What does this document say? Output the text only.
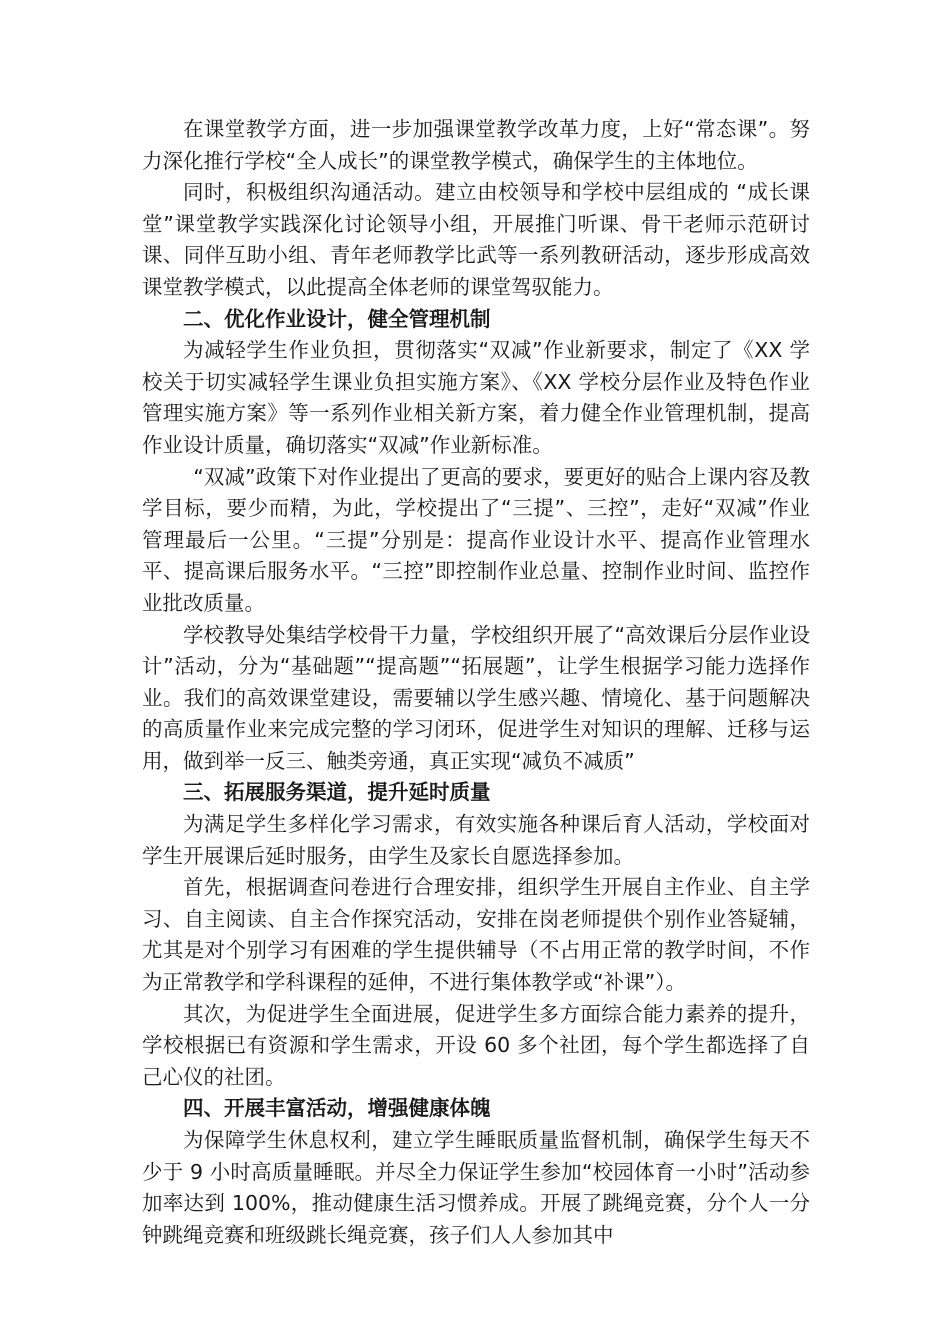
在课堂教学方面，进一步加强课堂教学改革力度，上好“常态课”。努力深化推行学校“全人成长”的课堂教学模式，确保学生的主体地位。

同时，积极组织沟通活动。建立由校领导和学校中层组成的 “成长课堂”课堂教学实践深化讨论领导小组，开展推门听课、骨干老师示范研讨课、同伴互助小组、青年老师教学比武等一系列教研活动，逐步形成高效课堂教学模式，以此提高全体老师的课堂驾驭能力。

二、优化作业设计，健全管理机制

为减轻学生作业负担，贯彻落实“双减”作业新要求，制定了《XX 学校关于切实减轻学生课业负担实施方案》、《XX 学校分层作业及特色作业管理实施方案》等一系列作业相关新方案，着力健全作业管理机制，提高作业设计质量，确切落实“双减”作业新标准。

“双减”政策下对作业提出了更高的要求，要更好的贴合上课内容及教学目标，要少而精，为此，学校提出了“三提”、三控”，走好“双减”作业管理最后一公里。“三提”分别是：提高作业设计水平、提高作业管理水平、提高课后服务水平。“三控”即控制作业总量、控制作业时间、监控作业批改质量。

学校教导处集结学校骨干力量，学校组织开展了“高效课后分层作业设计”活动，分为“基础题”“提高题”“拓展题”，让学生根据学习能力选择作业。我们的高效课堂建设，需要辅以学生感兴趣、情境化、基于问题解决的高质量作业来完成完整的学习闭环，促进学生对知识的理解、迁移与运用，做到举一反三、触类旁通，真正实现“减负不减质”

三、拓展服务渠道，提升延时质量

为满足学生多样化学习需求，有效实施各种课后育人活动，学校面对学生开展课后延时服务，由学生及家长自愿选择参加。

首先，根据调查问卷进行合理安排，组织学生开展自主作业、自主学习、自主阅读、自主合作探究活动，安排在岗老师提供个别作业答疑辅，尤其是对个别学习有困难的学生提供辅导（不占用正常的教学时间，不作为正常教学和学科课程的延伸，不进行集体教学或“补课”）。

其次，为促进学生全面进展，促进学生多方面综合能力素养的提升，学校根据已有资源和学生需求，开设 60 多个社团，每个学生都选择了自己心仪的社团。

四、开展丰富活动，增强健康体魄

为保障学生休息权利，建立学生睡眠质量监督机制，确保学生每天不少于 9 小时高质量睡眠。并尽全力保证学生参加“校园体育一小时”活动参加率达到 100%，推动健康生活习惯养成。开展了跳绳竞赛，分个人一分钟跳绳竞赛和班级跳长绳竞赛，孩子们人人参加其中
